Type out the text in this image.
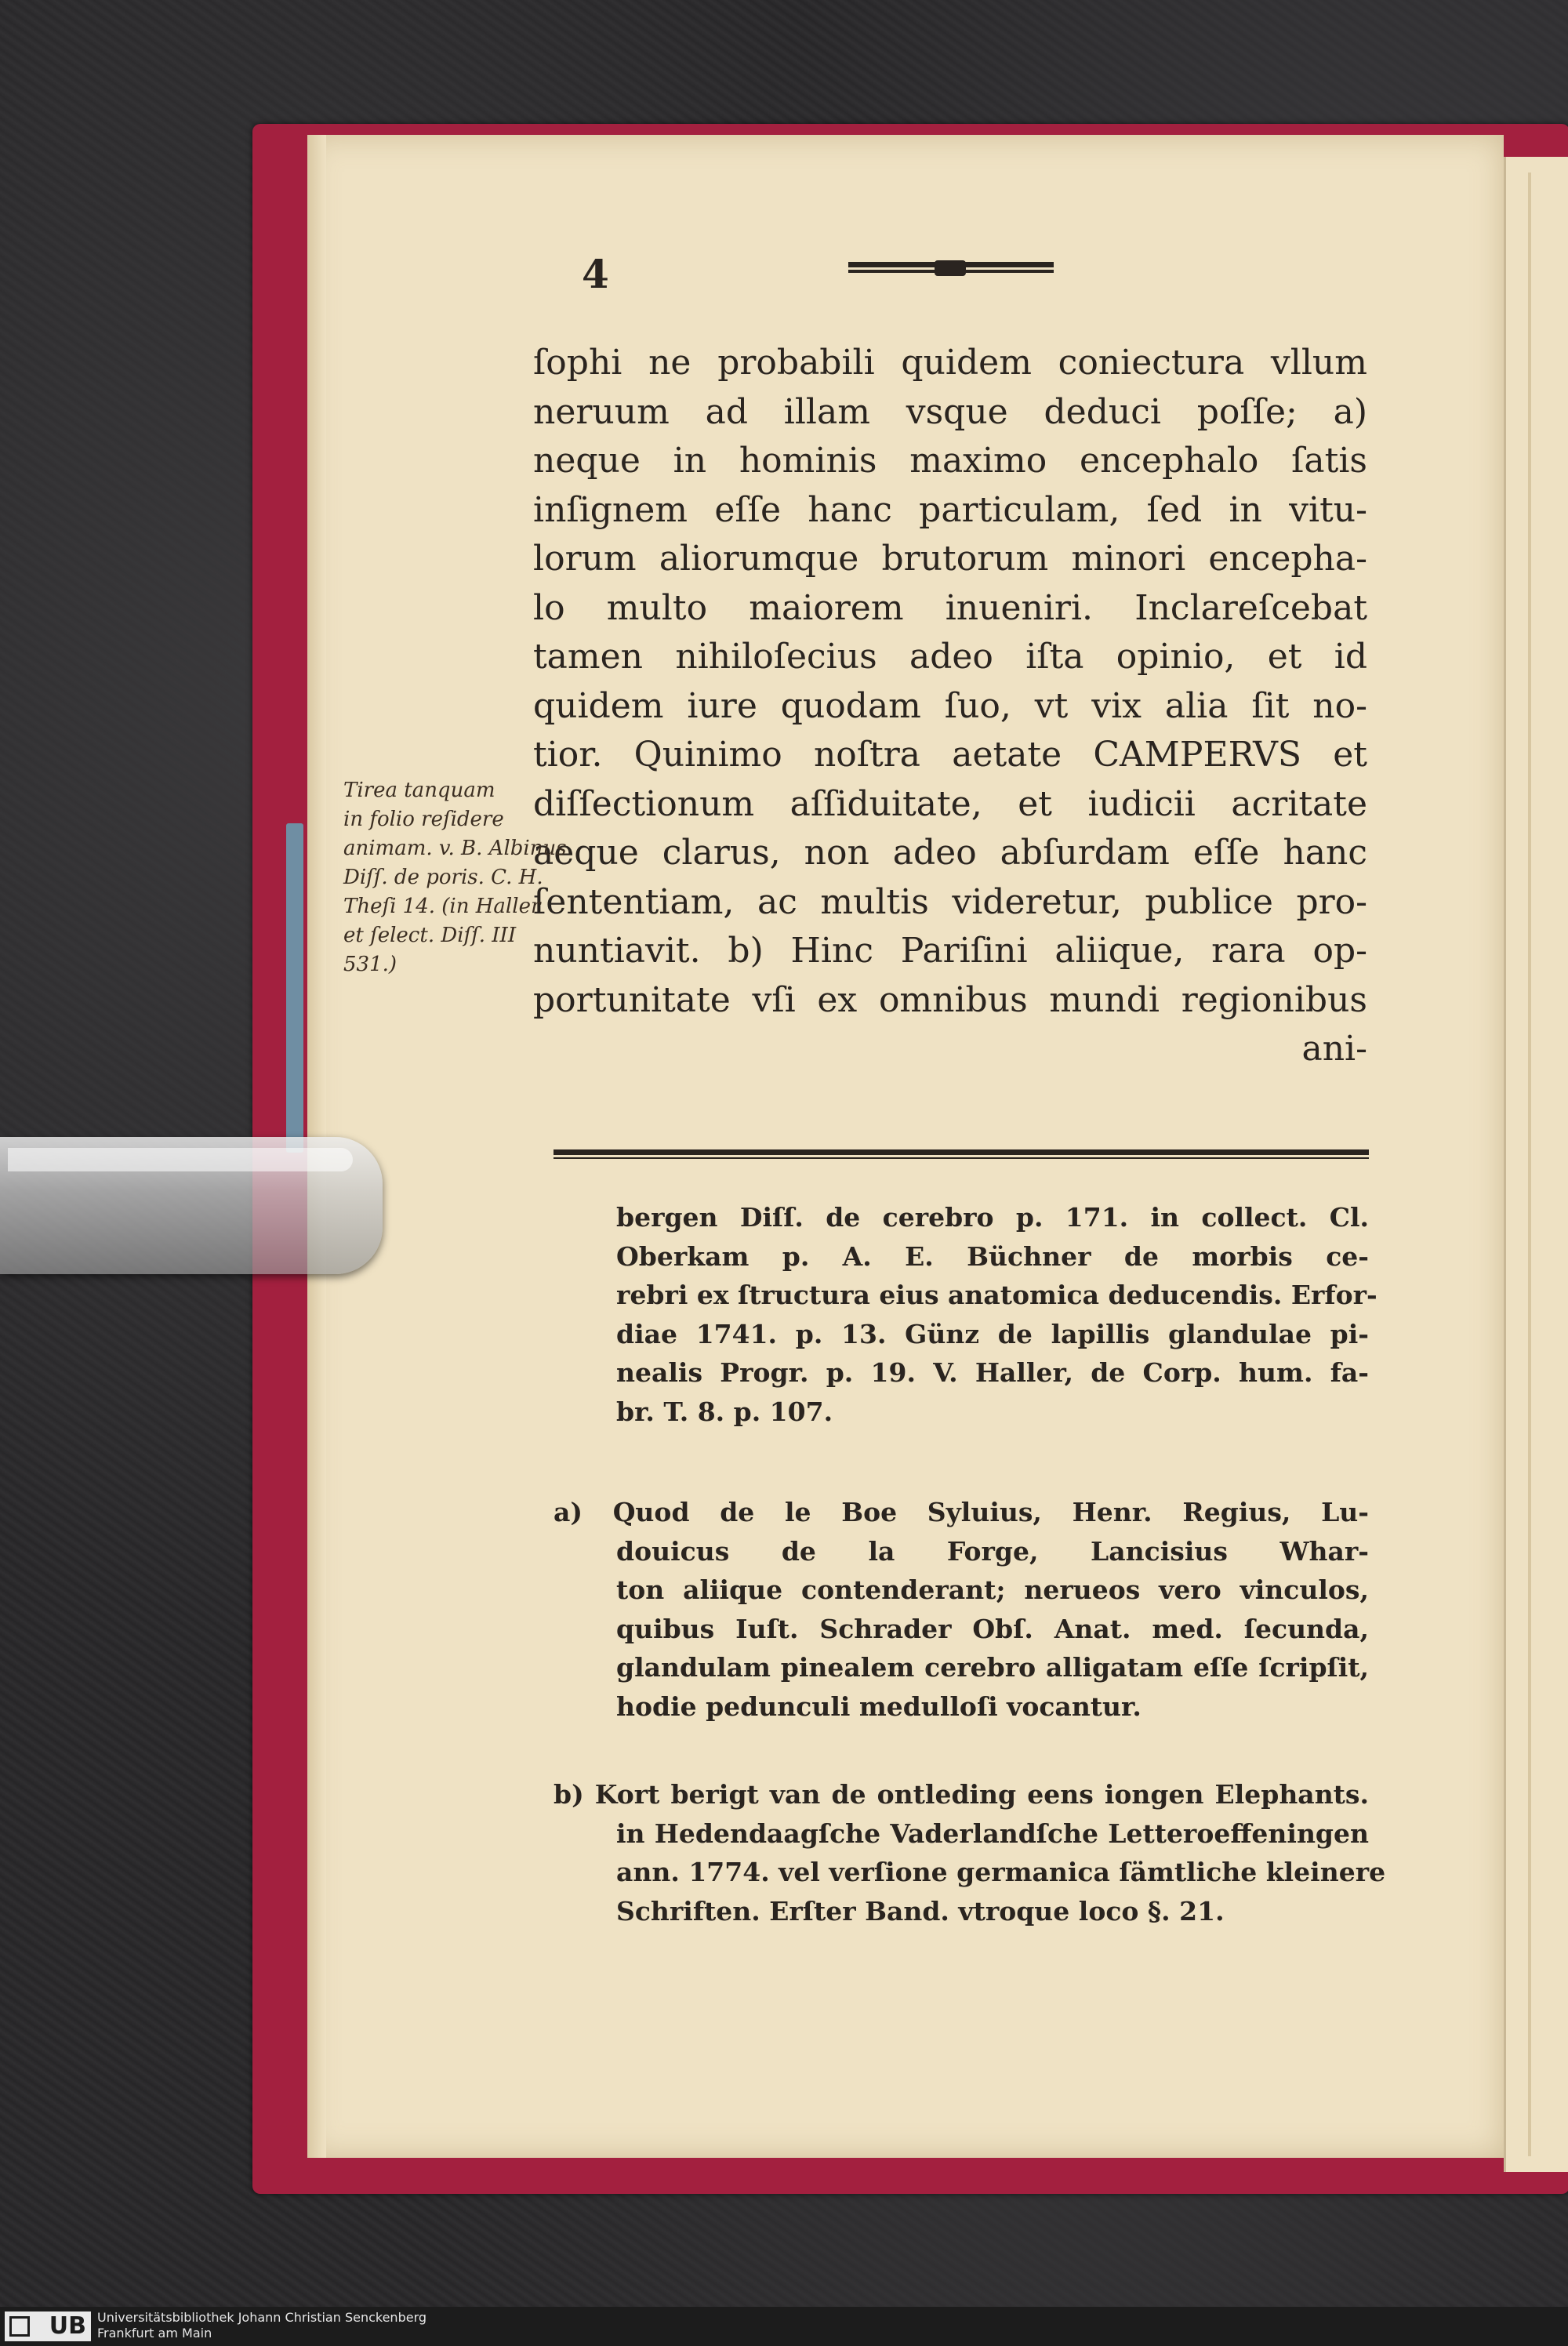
4
ſophi ne probabili quidem coniectura vllum
neruum ad illam vsque deduci poſſe; a)
neque in hominis maximo encephalo ſatis
inſignem eſſe hanc particulam, ſed in vitu-
lorum aliorumque brutorum minori encepha-
lo multo maiorem inueniri. Inclareſcebat
tamen nihiloſecius adeo iſta opinio, et id
quidem iure quodam ſuo, vt vix alia ſit no-
tior. Quinimo noſtra aetate CAMPERVS et
diſſectionum aſſiduitate, et iudicii acritate
aeque clarus, non adeo abſurdam eſſe hanc
ſententiam, ac multis videretur, publice pro-
nuntiavit. b) Hinc Pariſini aliique, rara op-
portunitate vſi ex omnibus mundi regionibus
ani-
bergen Diſſ. de cerebro p. 171. in collect. Cl.
Oberkam p. A. E. Büchner de morbis ce-
rebri ex ſtructura eius anatomica deducendis. Erfor-
diae 1741. p. 13. Günz de lapillis glandulae pi-
nealis Progr. p. 19. V. Haller, de Corp. hum. fa-
br. T. 8. p. 107.
a) Quod de le Boe Syluius, Henr. Regius, Lu-
douicus de la Forge, Lancisius Whar-
ton aliique contenderant; nerueos vero vinculos,
quibus Iuſt. Schrader Obſ. Anat. med. ſecunda,
glandulam pinealem cerebro alligatam eſſe ſcripſit,
hodie pedunculi medulloſi vocantur.
b) Kort berigt van de ontleding eens iongen Elephants.
in Hedendaagſche Vaderlandſche Letteroeffeningen
ann. 1774. vel verſione germanica ſämtliche kleinere
Schriften. Erſter Band. vtroque loco §. 21.
Tirea tanquam
in folio reſidere
animam. v. B. Albinus
Diſſ. de poris. C. H.
Theſi 14. (in Haller
et ſelect. Diſſ. III
531.)
UB Universitätsbibliothek Johann Christian Senckenberg
Frankfurt am Main
